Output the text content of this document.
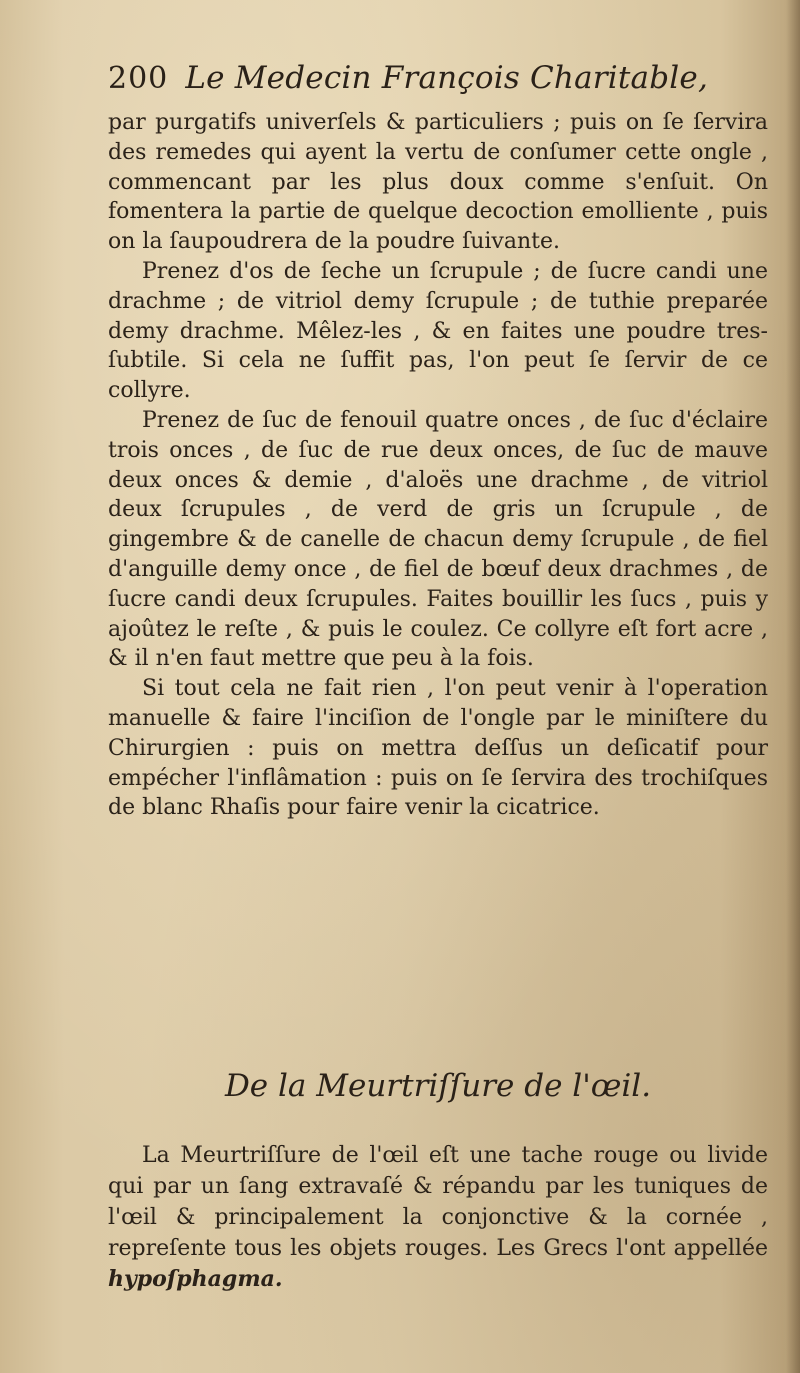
200 Le Medecin François Charitable,

par purgatifs univerſels & particuliers ; puis on ſe ſervira des remedes qui ayent la vertu de conſumer cette ongle , commencant par les plus doux comme s'enſuit. On fomentera la partie de quelque decoction emolliente , puis on la ſaupoudrera de la poudre ſuivante.

Prenez d'os de ſeche un ſcrupule ; de ſucre candi une drachme ; de vitriol demy ſcrupule ; de tuthie preparée demy drachme. Mêlez-les , & en faites une poudre tres-ſubtile. Si cela ne ſuffit pas, l'on peut ſe ſervir de ce collyre.

Prenez de ſuc de fenouil quatre onces , de ſuc d'éclaire trois onces , de ſuc de rue deux onces, de ſuc de mauve deux onces & demie , d'aloës une drachme , de vitriol deux ſcrupules , de verd de gris un ſcrupule , de gingembre & de canelle de chacun demy ſcrupule , de fiel d'anguille demy once , de fiel de bœuf deux drachmes , de ſucre candi deux ſcrupules. Faites bouillir les ſucs , puis y ajoûtez le reſte , & puis le coulez. Ce collyre eſt fort acre , & il n'en faut mettre que peu à la fois.

Si tout cela ne fait rien , l'on peut venir à l'operation manuelle & faire l'inciſion de l'ongle par le miniſtere du Chirurgien : puis on mettra deſſus un deſicatif pour empécher l'inflâmation : puis on ſe ſervira des trochiſques de blanc Rhaſis pour faire venir la cicatrice.

De la Meurtriſſure de l'œil.

La Meurtriſſure de l'œil eſt une tache rouge ou livide qui par un ſang extravaſé & répandu par les tuniques de l'œil & principalement la conjonctive & la cornée , repreſente tous les objets rouges. Les Grecs l'ont appellée hypoſphagma.
